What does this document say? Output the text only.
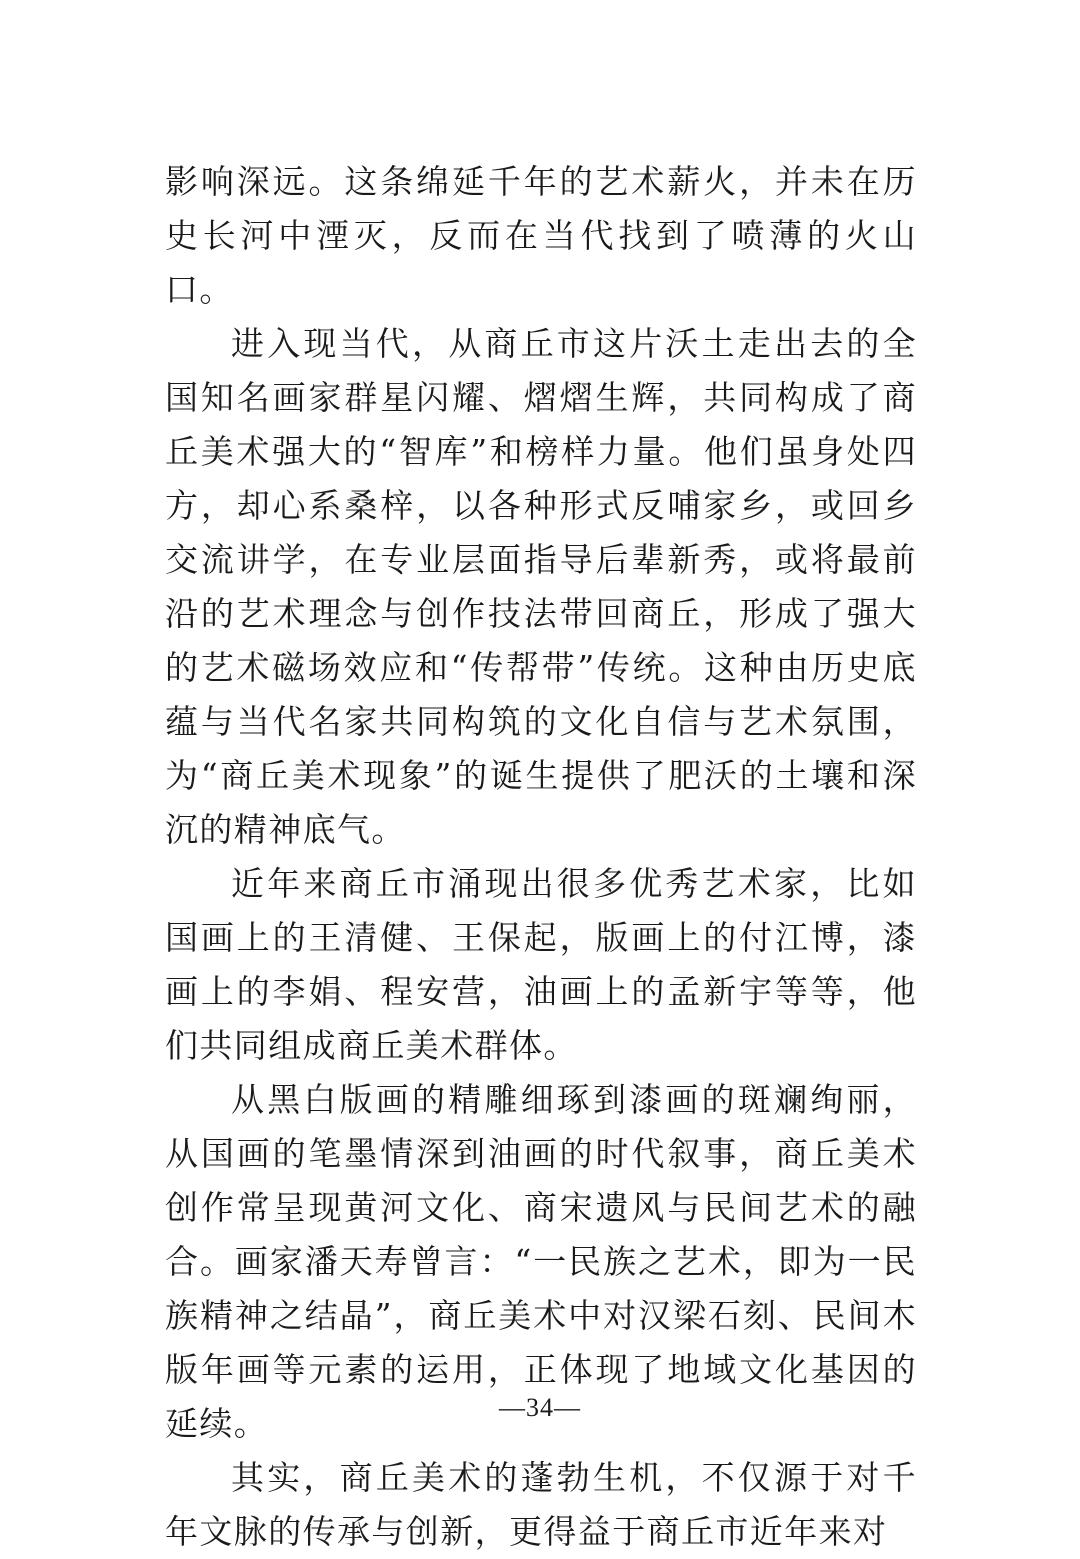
影响深远。这条绵延千年的艺术薪火，并未在历史长河中湮灭，反而在当代找到了喷薄的火山口。

进入现当代，从商丘市这片沃土走出去的全国知名画家群星闪耀、熠熠生辉，共同构成了商丘美术强大的“智库”和榜样力量。他们虽身处四方，却心系桑梓，以各种形式反哺家乡，或回乡交流讲学，在专业层面指导后辈新秀，或将最前沿的艺术理念与创作技法带回商丘，形成了强大的艺术磁场效应和“传帮带”传统。这种由历史底蕴与当代名家共同构筑的文化自信与艺术氛围，为“商丘美术现象”的诞生提供了肥沃的土壤和深沉的精神底气。

近年来商丘市涌现出很多优秀艺术家，比如国画上的王清健、王保起，版画上的付江博，漆画上的李娟、程安营，油画上的孟新宇等等，他们共同组成商丘美术群体。

从黑白版画的精雕细琢到漆画的斑斓绚丽，从国画的笔墨情深到油画的时代叙事，商丘美术创作常呈现黄河文化、商宋遗风与民间艺术的融合。画家潘天寿曾言：“一民族之艺术，即为一民族精神之结晶”，商丘美术中对汉梁石刻、民间木版年画等元素的运用，正体现了地域文化基因的延续。

其实，商丘美术的蓬勃生机，不仅源于对千年文脉的传承与创新，更得益于商丘市近年来对

—34—
